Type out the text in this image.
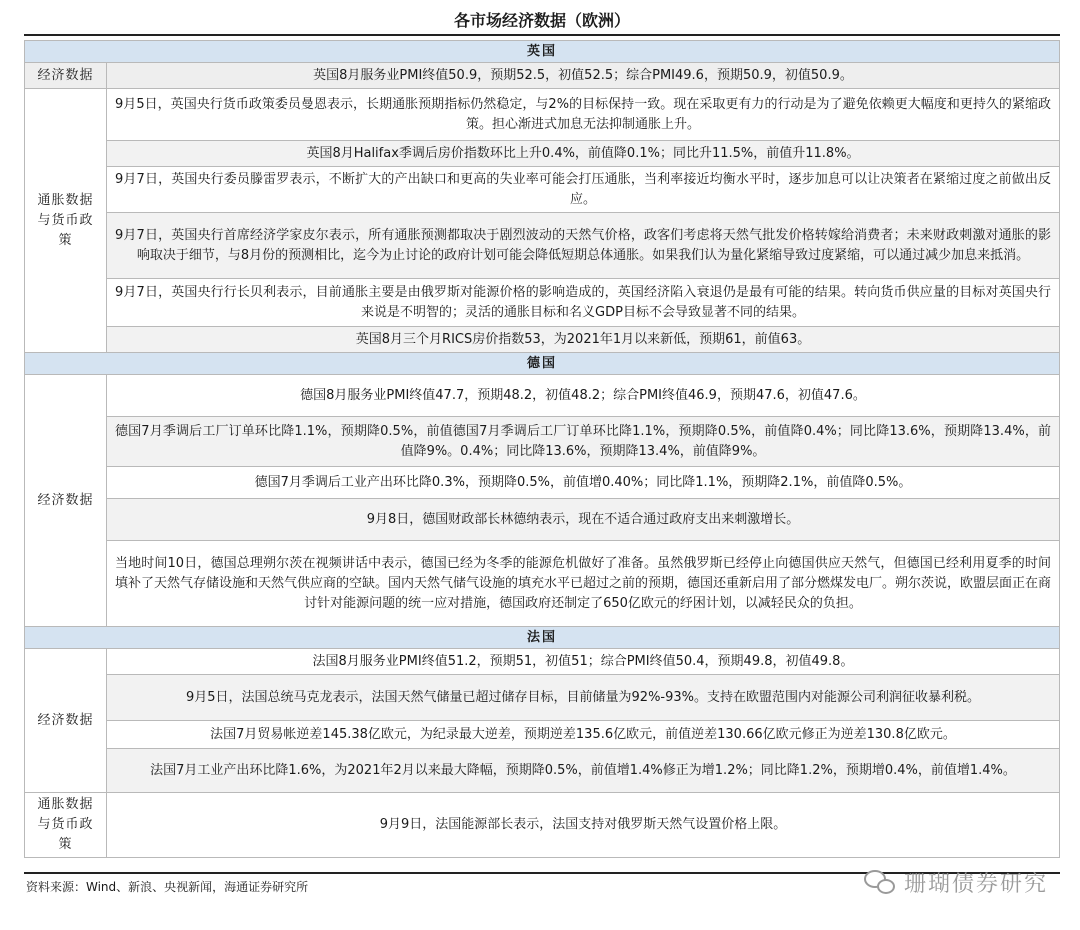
各市场经济数据（欧洲）
英国	
经济数据	英国8月服务业PMI终值50.9，预期52.5，初值52.5；综合PMI49.6，预期50.9，初值50.9。
通胀数据与货币政策	9月5日，英国央行货币政策委员曼恩表示，长期通胀预期指标仍然稳定，与2%的目标保持一致。现在采取更有力的行动是为了避免依赖更大幅度和更持久的紧缩政策。担心渐进式加息无法抑制通胀上升。
	英国8月Halifax季调后房价指数环比上升0.4%，前值降0.1%；同比升11.5%，前值升11.8%。
	9月7日，英国央行委员滕雷罗表示，不断扩大的产出缺口和更高的失业率可能会打压通胀，当利率接近均衡水平时，逐步加息可以让决策者在紧缩过度之前做出反应。
	9月7日，英国央行首席经济学家皮尔表示，所有通胀预测都取决于剧烈波动的天然气价格，政客们考虑将天然气批发价格转嫁给消费者；未来财政刺激对通胀的影响取决于细节，与8月份的预测相比，迄今为止讨论的政府计划可能会降低短期总体通胀。如果我们认为量化紧缩导致过度紧缩，可以通过减少加息来抵消。
	9月7日，英国央行行长贝利表示，目前通胀主要是由俄罗斯对能源价格的影响造成的，英国经济陷入衰退仍是最有可能的结果。转向货币供应量的目标对英国央行来说是不明智的；灵活的通胀目标和名义GDP目标不会导致显著不同的结果。
	英国8月三个月RICS房价指数53，为2021年1月以来新低，预期61，前值63。
德国	
经济数据	德国8月服务业PMI终值47.7，预期48.2，初值48.2；综合PMI终值46.9，预期47.6，初值47.6。
	德国7月季调后工厂订单环比降1.1%，预期降0.5%，前值德国7月季调后工厂订单环比降1.1%，预期降0.5%，前值降0.4%；同比降13.6%，预期降13.4%，前值降9%。0.4%；同比降13.6%，预期降13.4%，前值降9%。
	德国7月季调后工业产出环比降0.3%，预期降0.5%，前值增0.40%；同比降1.1%，预期降2.1%，前值降0.5%。
	9月8日，德国财政部长林德纳表示，现在不适合通过政府支出来刺激增长。
	当地时间10日，德国总理朔尔茨在视频讲话中表示，德国已经为冬季的能源危机做好了准备。虽然俄罗斯已经停止向德国供应天然气，但德国已经利用夏季的时间填补了天然气存储设施和天然气供应商的空缺。国内天然气储气设施的填充水平已超过之前的预期，德国还重新启用了部分燃煤发电厂。朔尔茨说，欧盟层面正在商讨针对能源问题的统一应对措施，德国政府还制定了650亿欧元的纾困计划，以减轻民众的负担。
法国	
经济数据	法国8月服务业PMI终值51.2，预期51，初值51；综合PMI终值50.4，预期49.8，初值49.8。
	9月5日，法国总统马克龙表示，法国天然气储量已超过储存目标，目前储量为92%-93%。支持在欧盟范围内对能源公司利润征收暴利税。
	法国7月贸易帐逆差145.38亿欧元，为纪录最大逆差，预期逆差135.6亿欧元，前值逆差130.66亿欧元修正为逆差130.8亿欧元。
	法国7月工业产出环比降1.6%，为2021年2月以来最大降幅，预期降0.5%，前值增1.4%修正为增1.2%；同比降1.2%，预期增0.4%，前值增1.4%。
通胀数据与货币政策	9月9日，法国能源部长表示，法国支持对俄罗斯天然气设置价格上限。
资料来源：Wind、新浪、央视新闻，海通证券研究所	珊瑚债券研究
